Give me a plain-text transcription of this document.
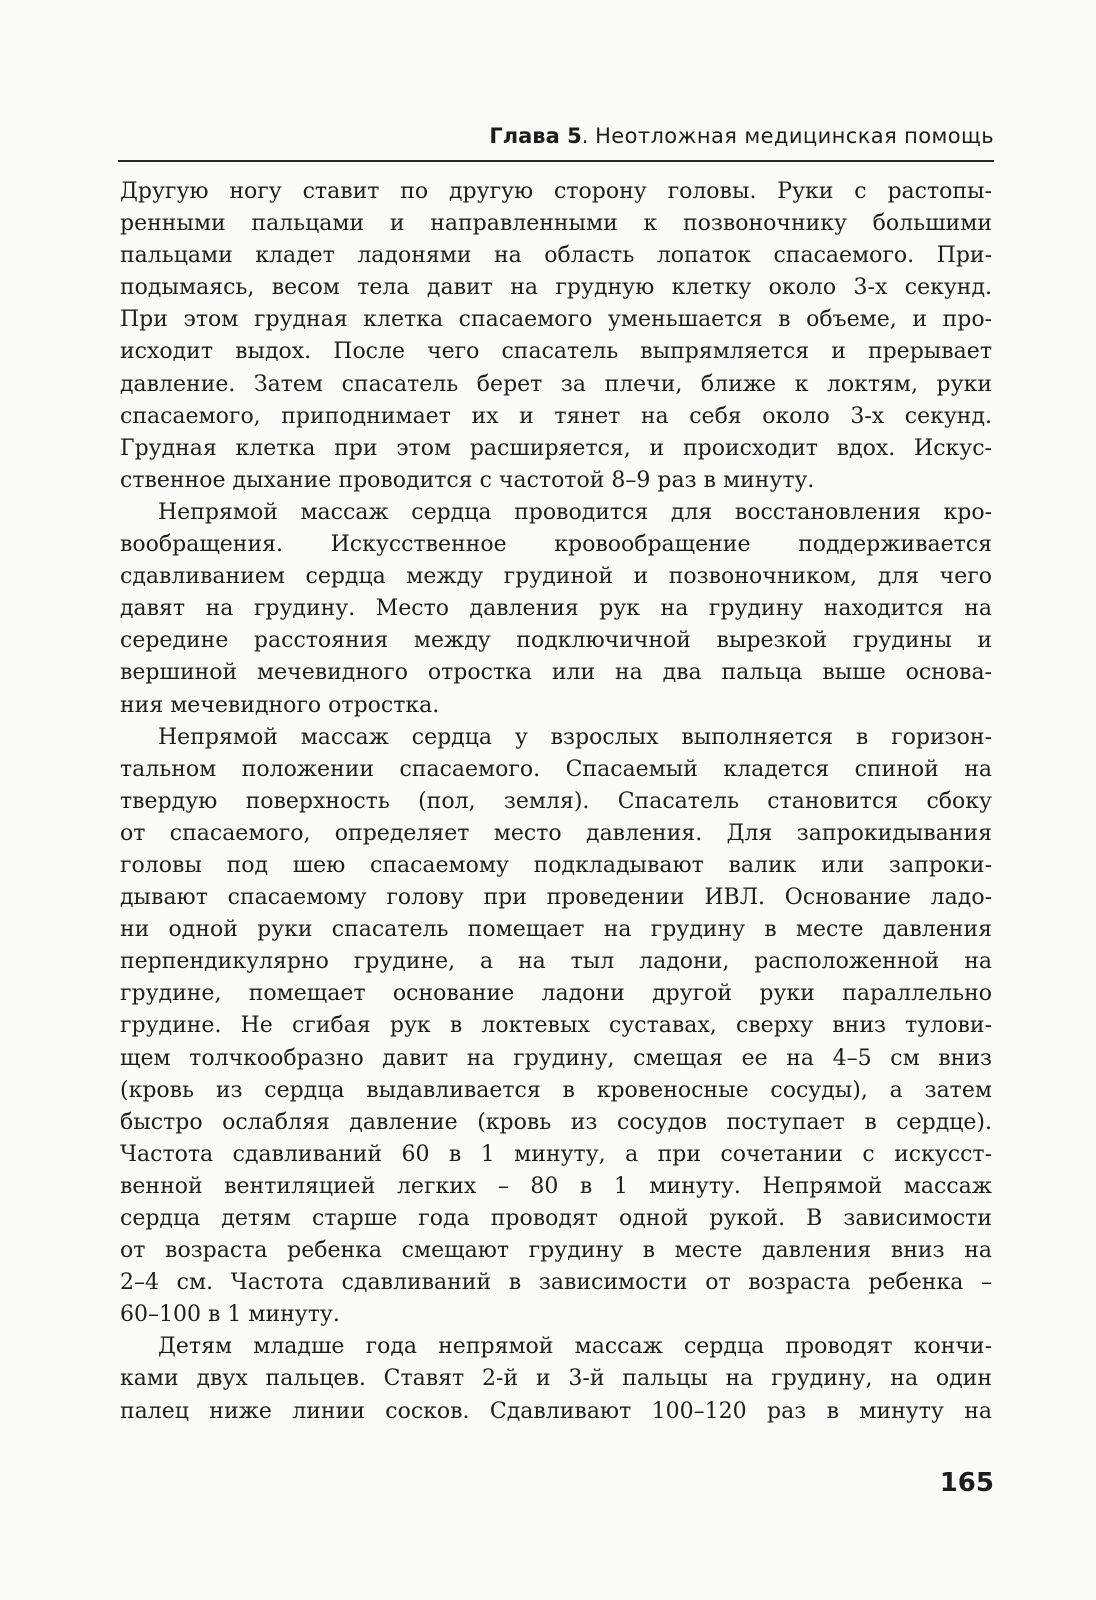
Глава 5. Неотложная медицинская помощь
Другую ногу ставит по другую сторону головы. Руки с растопы-
ренными пальцами и направленными к позвоночнику большими
пальцами кладет ладонями на область лопаток спасаемого. При-
подымаясь, весом тела давит на грудную клетку около 3-х секунд.
При этом грудная клетка спасаемого уменьшается в объеме, и про-
исходит выдох. После чего спасатель выпрямляется и прерывает
давление. Затем спасатель берет за плечи, ближе к локтям, руки
спасаемого, приподнимает их и тянет на себя около 3-х секунд.
Грудная клетка при этом расширяется, и происходит вдох. Искус-
ственное дыхание проводится с частотой 8–9 раз в минуту.
Непрямой массаж сердца проводится для восстановления кро-
вообращения. Искусственное кровообращение поддерживается
сдавливанием сердца между грудиной и позвоночником, для чего
давят на грудину. Место давления рук на грудину находится на
середине расстояния между подключичной вырезкой грудины и
вершиной мечевидного отростка или на два пальца выше основа-
ния мечевидного отростка.
Непрямой массаж сердца у взрослых выполняется в горизон-
тальном положении спасаемого. Спасаемый кладется спиной на
твердую поверхность (пол, земля). Спасатель становится сбоку
от спасаемого, определяет место давления. Для запрокидывания
головы под шею спасаемому подкладывают валик или запроки-
дывают спасаемому голову при проведении ИВЛ. Основание ладо-
ни одной руки спасатель помещает на грудину в месте давления
перпендикулярно грудине, а на тыл ладони, расположенной на
грудине, помещает основание ладони другой руки параллельно
грудине. Не сгибая рук в локтевых суставах, сверху вниз тулови-
щем толчкообразно давит на грудину, смещая ее на 4–5 см вниз
(кровь из сердца выдавливается в кровеносные сосуды), а затем
быстро ослабляя давление (кровь из сосудов поступает в сердце).
Частота сдавливаний 60 в 1 минуту, а при сочетании с искусст-
венной вентиляцией легких – 80 в 1 минуту. Непрямой массаж
сердца детям старше года проводят одной рукой. В зависимости
от возраста ребенка смещают грудину в месте давления вниз на
2–4 см. Частота сдавливаний в зависимости от возраста ребенка –
60–100 в 1 минуту.
Детям младше года непрямой массаж сердца проводят кончи-
ками двух пальцев. Ставят 2-й и 3-й пальцы на грудину, на один
палец ниже линии сосков. Сдавливают 100–120 раз в минуту на
165
